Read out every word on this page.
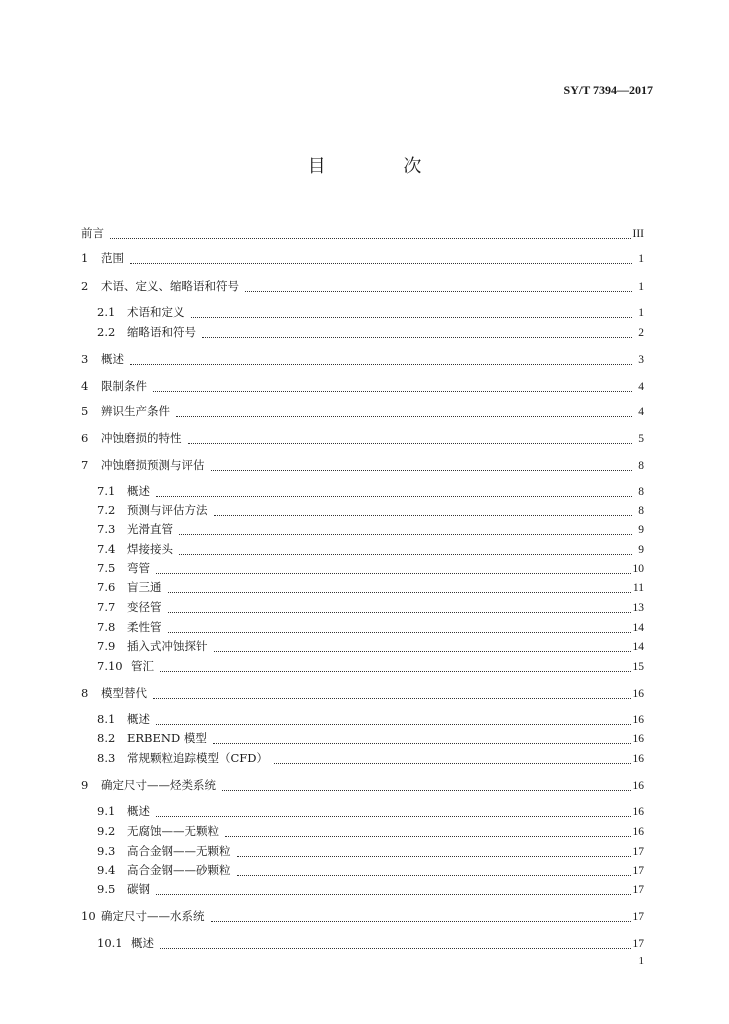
SY/T 7394—2017
目 次
前言	III
1	范围	1
2	术语、定义、缩略语和符号	1
2.1	术语和定义	1
2.2	缩略语和符号	2
3	概述	3
4	限制条件	4
5	辨识生产条件	4
6	冲蚀磨损的特性	5
7	冲蚀磨损预测与评估	8
7.1	概述	8
7.2	预测与评估方法	8
7.3	光滑直管	9
7.4	焊接接头	9
7.5	弯管	10
7.6	盲三通	11
7.7	变径管	13
7.8	柔性管	14
7.9	插入式冲蚀探针	14
7.10 管汇	15
8	模型替代	16
8.1	概述	16
8.2	ERBEND 模型	16
8.3	常规颗粒追踪模型（CFD）	16
9	确定尺寸——烃类系统	16
9.1	概述	16
9.2	无腐蚀——无颗粒	16
9.3	高合金钢——无颗粒	17
9.4	高合金钢——砂颗粒	17
9.5	碳钢	17
10 确定尺寸——水系统	17
10.1 概述	17
1
